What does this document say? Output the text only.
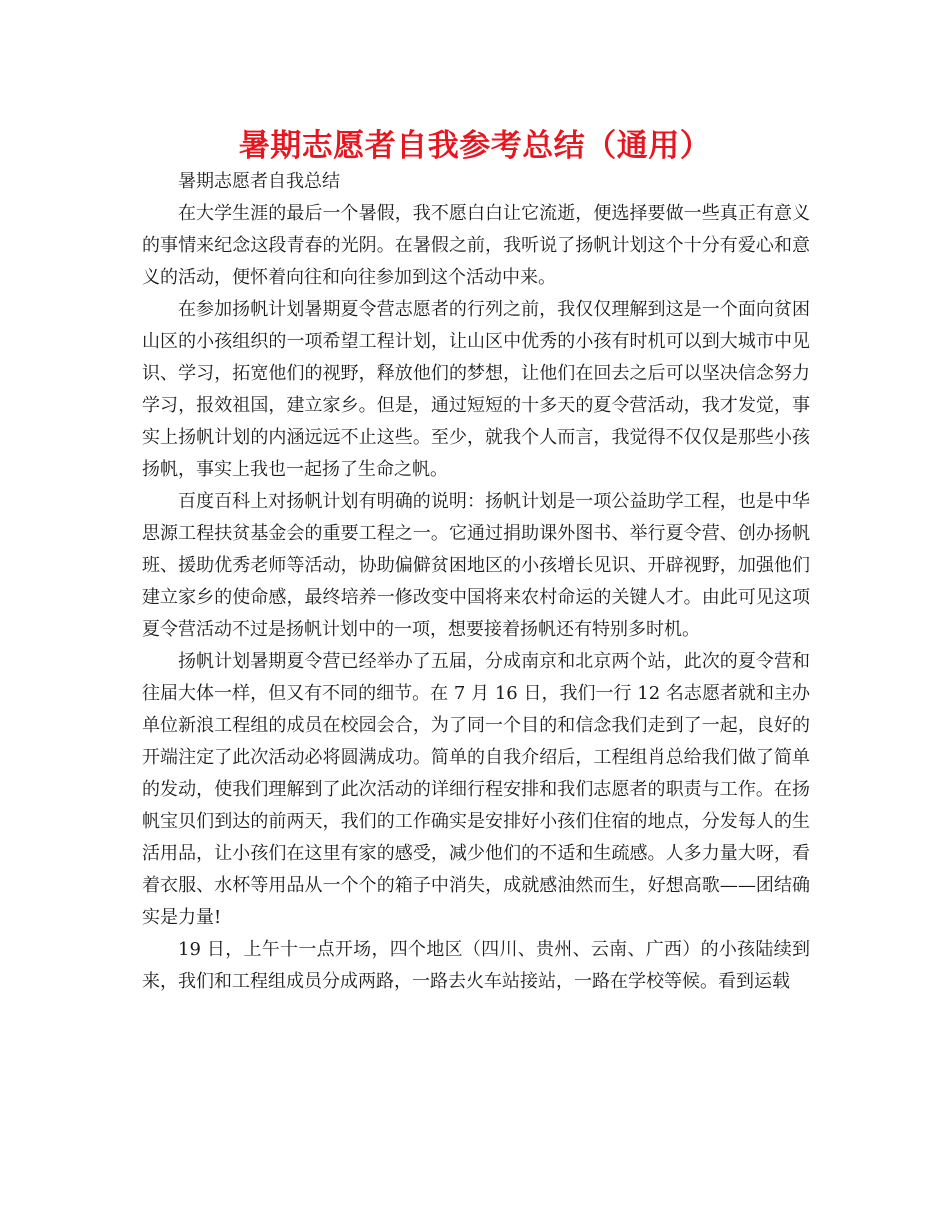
暑期志愿者自我参考总结（通用）

暑期志愿者自我总结

在大学生涯的最后一个暑假，我不愿白白让它流逝，便选择要做一些真正有意义的事情来纪念这段青春的光阴。在暑假之前，我听说了扬帆计划这个十分有爱心和意义的活动，便怀着向往和向往参加到这个活动中来。

在参加扬帆计划暑期夏令营志愿者的行列之前，我仅仅理解到这是一个面向贫困山区的小孩组织的一项希望工程计划，让山区中优秀的小孩有时机可以到大城市中见识、学习，拓宽他们的视野，释放他们的梦想，让他们在回去之后可以坚决信念努力学习，报效祖国，建立家乡。但是，通过短短的十多天的夏令营活动，我才发觉，事实上扬帆计划的内涵远远不止这些。至少，就我个人而言，我觉得不仅仅是那些小孩扬帆，事实上我也一起扬了生命之帆。

百度百科上对扬帆计划有明确的说明：扬帆计划是一项公益助学工程，也是中华思源工程扶贫基金会的重要工程之一。它通过捐助课外图书、举行夏令营、创办扬帆班、援助优秀老师等活动，协助偏僻贫困地区的小孩增长见识、开辟视野，加强他们建立家乡的使命感，最终培养一修改变中国将来农村命运的关键人才。由此可见这项夏令营活动不过是扬帆计划中的一项，想要接着扬帆还有特别多时机。

扬帆计划暑期夏令营已经举办了五届，分成南京和北京两个站，此次的夏令营和往届大体一样，但又有不同的细节。在 7 月 16 日，我们一行 12 名志愿者就和主办单位新浪工程组的成员在校园会合，为了同一个目的和信念我们走到了一起，良好的开端注定了此次活动必将圆满成功。简单的自我介绍后，工程组肖总给我们做了简单的发动，使我们理解到了此次活动的详细行程安排和我们志愿者的职责与工作。在扬帆宝贝们到达的前两天，我们的工作确实是安排好小孩们住宿的地点，分发每人的生活用品，让小孩们在这里有家的感受，减少他们的不适和生疏感。人多力量大呀，看着衣服、水杯等用品从一个个的箱子中消失，成就感油然而生，好想高歌——团结确实是力量!

19 日，上午十一点开场，四个地区（四川、贵州、云南、广西）的小孩陆续到来，我们和工程组成员分成两路，一路去火车站接站，一路在学校等候。看到运载
